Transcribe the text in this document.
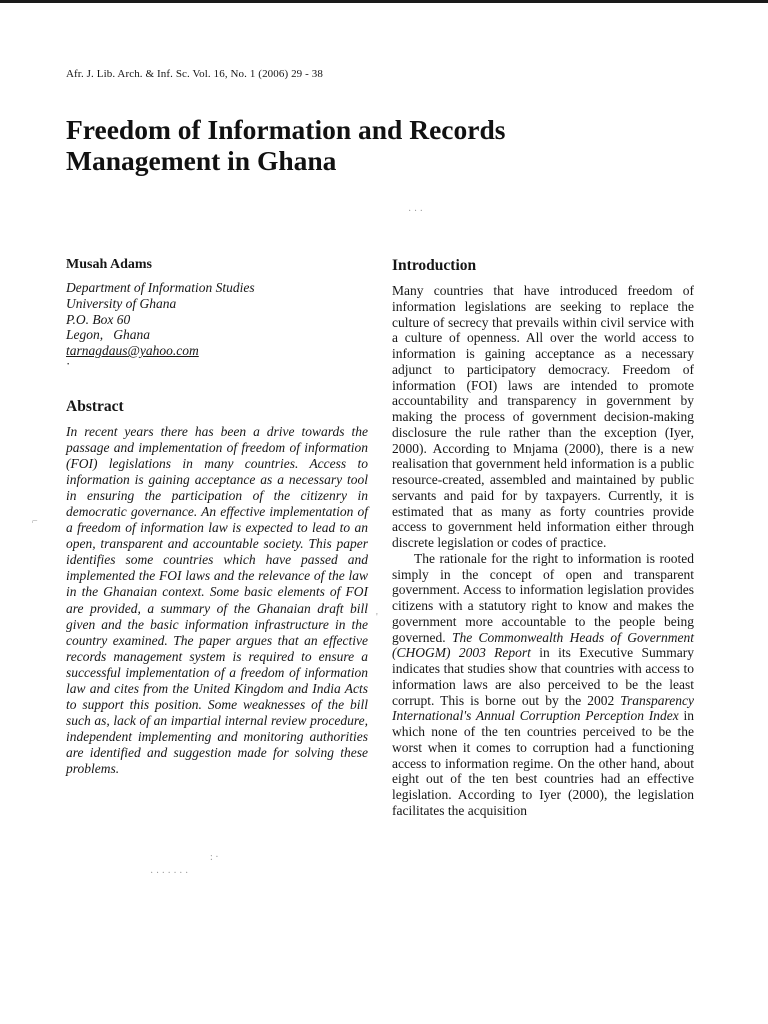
Afr. J. Lib. Arch. & Inf. Sc. Vol. 16, No. 1 (2006) 29 - 38
Freedom of Information and Records Management in Ghana
Musah Adams
Department of Information Studies
University of Ghana
P.O. Box 60
Legon,   Ghana
tarnagdaus@yahoo.com
·
Abstract

In recent years there has been a drive towards the passage and implementation of freedom of information (FOI) legislations in many countries. Access to information is gaining acceptance as a necessary tool in ensuring the participation of the citizenry in democratic governance. An effective implementation of a freedom of information law is expected to lead to an open, transparent and accountable society. This paper identifies some countries which have passed and implemented the FOI laws and the relevance of the law in the Ghanaian context. Some basic elements of FOI are provided, a summary of the Ghanaian draft bill given and the basic information infrastructure in the country examined. The paper argues that an effective records management system is required to ensure a successful implementation of a freedom of information law and cites from the United Kingdom and India Acts to support this position. Some weaknesses of the bill such as, lack of an impartial internal review procedure, independent implementing and monitoring authorities are identified and suggestion made for solving these problems.

Introduction

Many countries that have introduced freedom of information legislations are seeking to replace the culture of secrecy that prevails within civil service with a culture of openness. All over the world access to information is gaining acceptance as a necessary adjunct to participatory democracy. Freedom of information (FOI) laws are intended to promote accountability and transparency in government by making the process of government decision-making disclosure the rule rather than the exception (Iyer, 2000). According to Mnjama (2000), there is a new realisation that government held information is a public resource-created, assembled and maintained by public servants and paid for by taxpayers. Currently, it is estimated that as many as forty countries provide access to government held information either through discrete legislation or codes of practice.

The rationale for the right to information is rooted simply in the concept of open and transparent government. Access to information legislation provides citizens with a statutory right to know and makes the government more accountable to the people being governed. The Commonwealth Heads of Government (CHOGM) 2003 Report in its Executive Summary indicates that studies show that countries with access to information laws are also perceived to be the least corrupt. This is borne out by the 2002 Transparency International's Annual Corruption Perception Index in which none of the ten countries perceived to be the worst when it comes to corruption had a functioning access to information regime. On the other hand, about eight out of the ten best countries had an effective legislation. According to Iyer (2000), the legislation facilitates the acquisition

⌐
'
· · ·
· · · · · · ·
: ·
